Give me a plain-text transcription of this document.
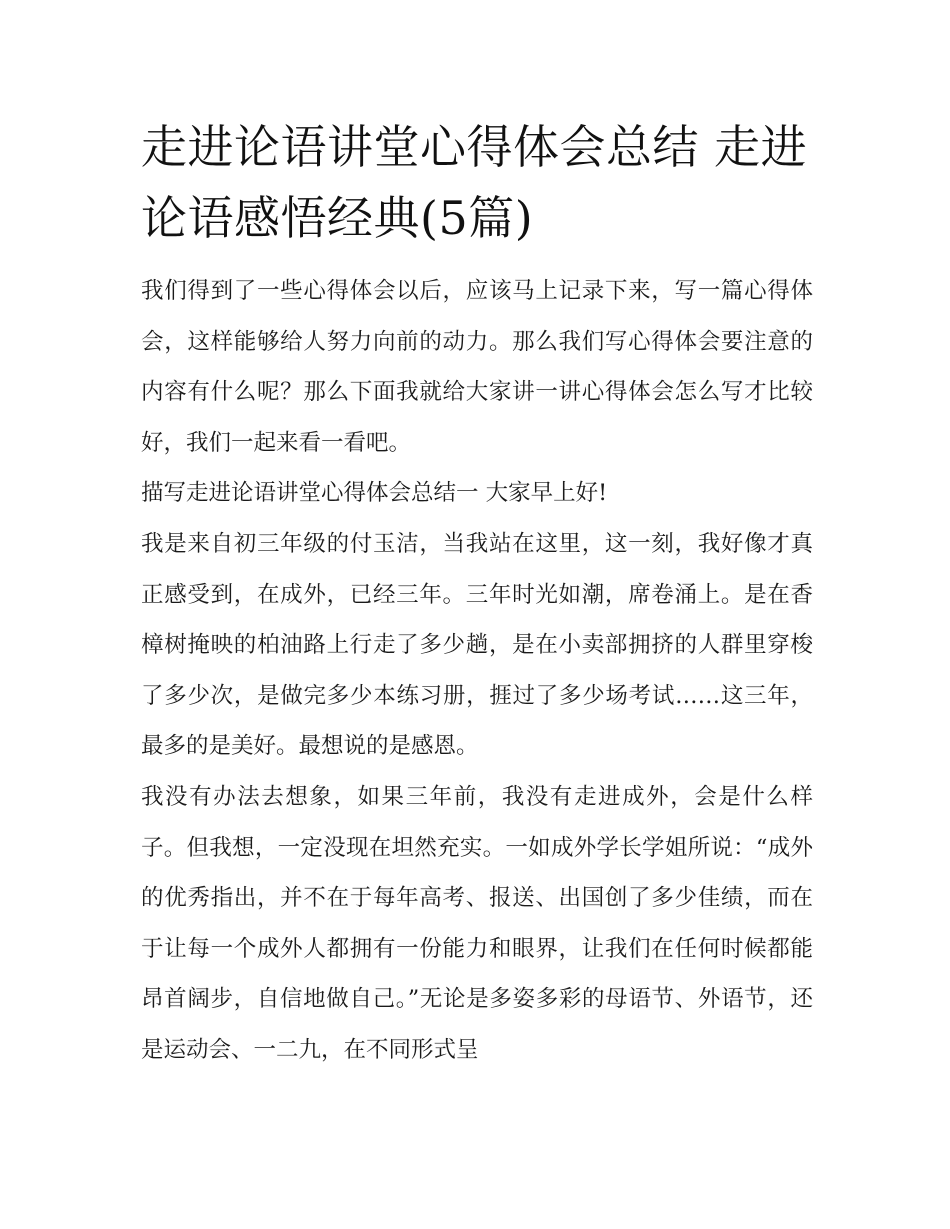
走进论语讲堂心得体会总结 走进论语感悟经典(5篇)

我们得到了一些心得体会以后，应该马上记录下来，写一篇心得体会，这样能够给人努力向前的动力。那么我们写心得体会要注意的内容有什么呢？那么下面我就给大家讲一讲心得体会怎么写才比较好，我们一起来看一看吧。

描写走进论语讲堂心得体会总结一 大家早上好!

我是来自初三年级的付玉洁，当我站在这里，这一刻，我好像才真正感受到，在成外，已经三年。三年时光如潮，席卷涌上。是在香樟树掩映的柏油路上行走了多少趟，是在小卖部拥挤的人群里穿梭了多少次，是做完多少本练习册，捱过了多少场考试……这三年，最多的是美好。最想说的是感恩。

我没有办法去想象，如果三年前，我没有走进成外，会是什么样子。但我想，一定没现在坦然充实。一如成外学长学姐所说：“成外的优秀指出，并不在于每年高考、报送、出国创了多少佳绩，而在于让每一个成外人都拥有一份能力和眼界，让我们在任何时候都能昂首阔步，自信地做自己。”无论是多姿多彩的母语节、外语节，还是运动会、一二九，在不同形式呈
